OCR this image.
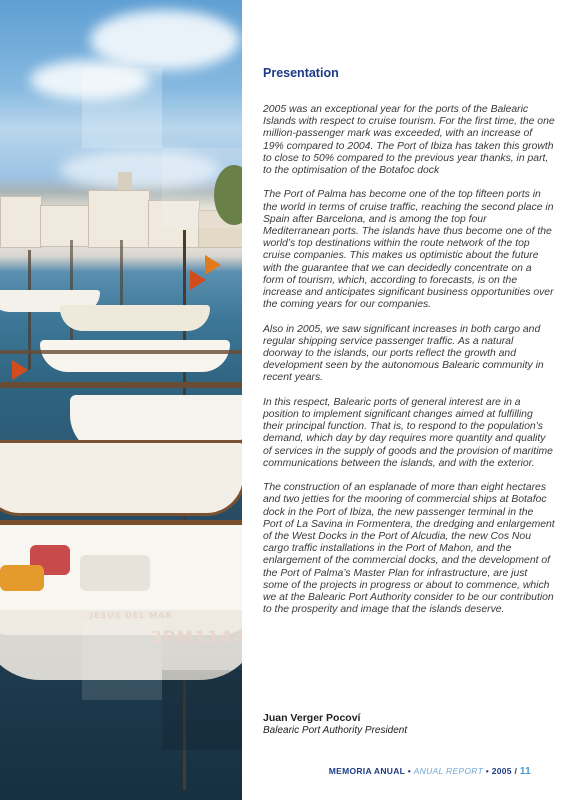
Presentation

2005 was an exceptional year for the ports of the Balearic Islands with respect to cruise tourism. For the first time, the one million-passenger mark was exceeded, with an increase of 19% compared to 2004. The Port of Ibiza has taken this growth to close to 50% compared to the previous year thanks, in part, to the optimisation of the Botafoc dock

The Port of Palma has become one of the top fifteen ports in the world in terms of cruise traffic, reaching the second place in Spain after Barcelona, and is among the top four Mediterranean ports. The islands have thus become one of the world’s top destinations within the route network of the top cruise companies. This makes us optimistic about the future with the guarantee that we can decidedly concentrate on a form of tourism, which, according to forecasts, is on the increase and anticipates significant business opportunities over the coming years for our companies.

Also in 2005, we saw significant increases in both cargo and regular shipping service passenger traffic. As a natural doorway to the islands, our ports reflect the growth and development seen by the autonomous Balearic community in recent years.

In this respect, Balearic ports of general interest are in a position to implement significant changes aimed at fulfilling their principal function. That is, to respond to the population’s demand, which day by day requires more quantity and quality of services in the supply of goods and the provision of maritime communications between the islands, and with the exterior.

The construction of an esplanade of more than eight hectares and two jetties for the mooring of commercial ships at Botafoc dock in the Port of Ibiza, the new passenger terminal in the Port of La Savina in Formentera, the dredging and enlargement of the West Docks in the Port of Alcudia, the new Cos Nou cargo traffic installations in the Port of Mahon, and the enlargement of the commercial docks, and the development of the Port of Palma’s Master Plan for infrastructure, are just some of the projects in progress or about to commence, which we at the Balearic Port Authority consider to be our contribution to the prosperity and image that the islands deserve.

Juan Verger Pocoví
Balearic Port Authority President
MEMORIA ANUAL • ANUAL REPORT • 2005 / 11
